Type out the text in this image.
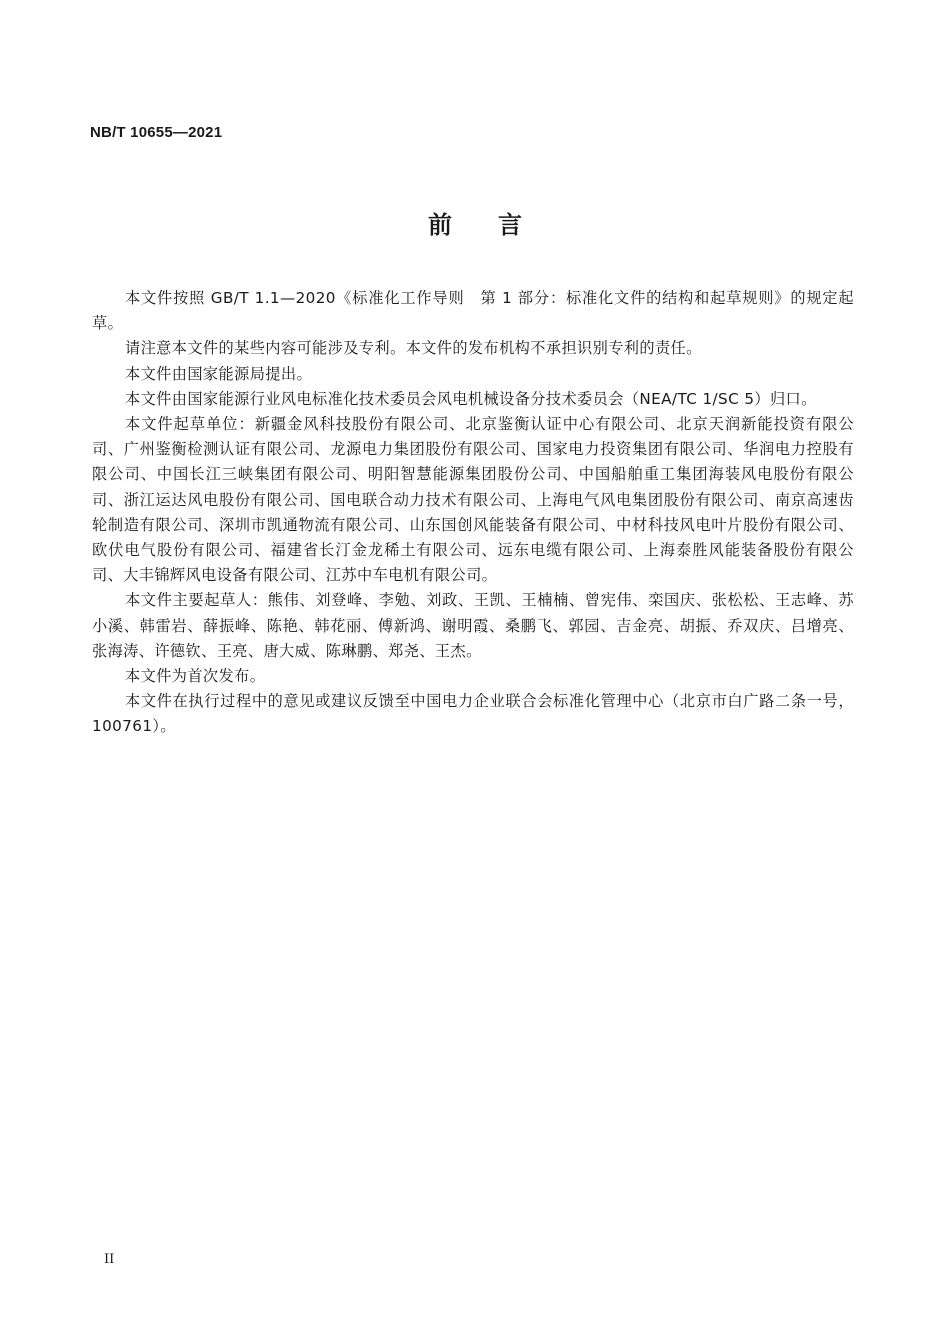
NB/T 10655—2021
前言

本文件按照 GB/T 1.1—2020《标准化工作导则　第 1 部分：标准化文件的结构和起草规则》的规定起草。

请注意本文件的某些内容可能涉及专利。本文件的发布机构不承担识别专利的责任。

本文件由国家能源局提出。

本文件由国家能源行业风电标准化技术委员会风电机械设备分技术委员会（NEA/TC 1/SC 5）归口。

本文件起草单位：新疆金风科技股份有限公司、北京鉴衡认证中心有限公司、北京天润新能投资有限公司、广州鉴衡检测认证有限公司、龙源电力集团股份有限公司、国家电力投资集团有限公司、华润电力控股有限公司、中国长江三峡集团有限公司、明阳智慧能源集团股份公司、中国船舶重工集团海装风电股份有限公司、浙江运达风电股份有限公司、国电联合动力技术有限公司、上海电气风电集团股份有限公司、南京高速齿轮制造有限公司、深圳市凯通物流有限公司、山东国创风能装备有限公司、中材科技风电叶片股份有限公司、欧伏电气股份有限公司、福建省长汀金龙稀土有限公司、远东电缆有限公司、上海泰胜风能装备股份有限公司、大丰锦辉风电设备有限公司、江苏中车电机有限公司。

本文件主要起草人：熊伟、刘登峰、李勉、刘政、王凯、王楠楠、曾宪伟、栾国庆、张松松、王志峰、苏小溪、韩雷岩、薛振峰、陈艳、韩花丽、傅新鸿、谢明霞、桑鹏飞、郭园、吉金亮、胡振、乔双庆、吕增亮、张海涛、许德钦、王亮、唐大威、陈琳鹏、郑尧、王杰。

本文件为首次发布。

本文件在执行过程中的意见或建议反馈至中国电力企业联合会标准化管理中心（北京市白广路二条一号，100761）。

II
